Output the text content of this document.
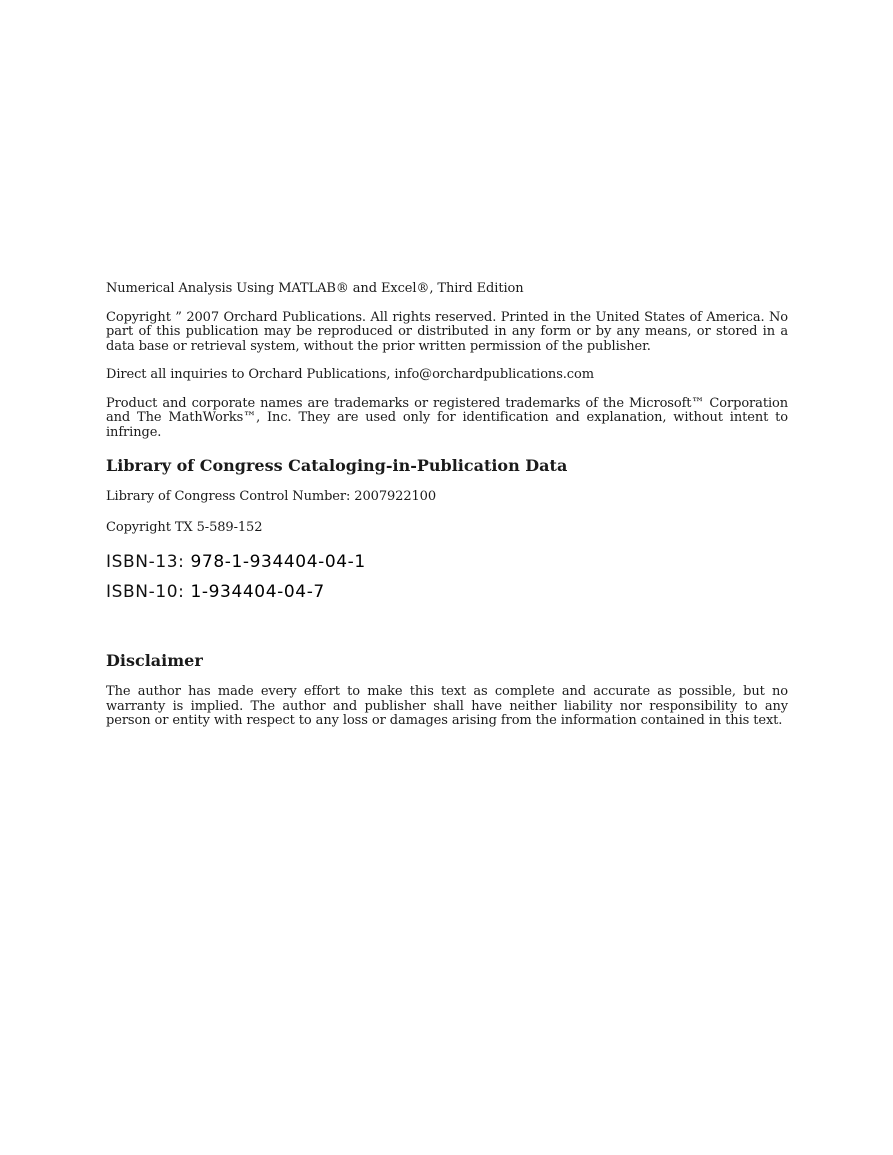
Numerical Analysis Using MATLAB® and Excel®, Third Edition

Copyright ” 2007 Orchard Publications. All rights reserved. Printed in the United States of America. No part of this publication may be reproduced or distributed in any form or by any means, or stored in a data base or retrieval system, without the prior written permission of the publisher.

Direct all inquiries to Orchard Publications, info@orchardpublications.com

Product and corporate names are trademarks or registered trademarks of the Microsoft™ Corporation and The MathWorks™, Inc. They are used only for identification and explanation, without intent to infringe.

Library of Congress Cataloging-in-Publication Data

Library of Congress Control Number: 2007922100

Copyright TX 5-589-152

ISBN-13: 978-1-934404-04-1

ISBN-10: 1-934404-04-7

Disclaimer

The author has made every effort to make this text as complete and accurate as possible, but no warranty is implied. The author and publisher shall have neither liability nor responsibility to any person or entity with respect to any loss or damages arising from the information contained in this text.
